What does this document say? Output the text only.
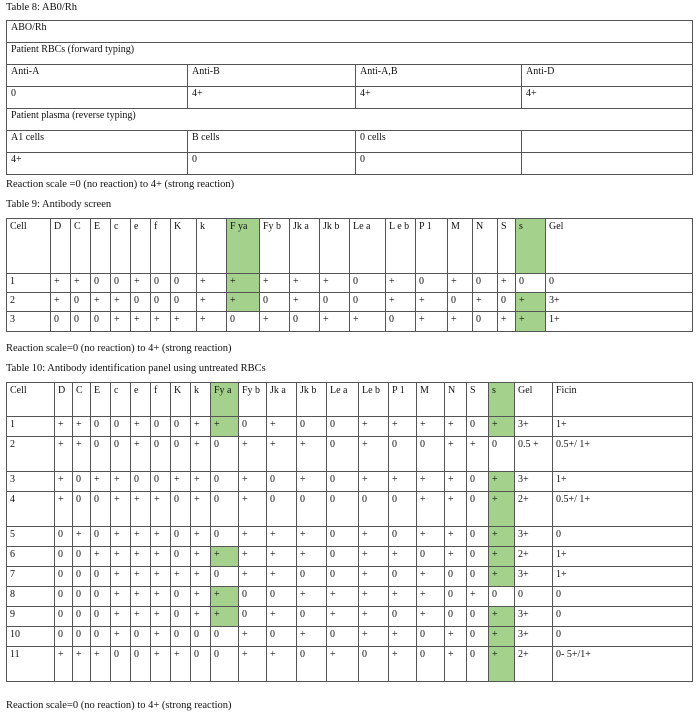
Table 8: AB0/Rh
ABO/Rh			
Patient RBCs (forward typing)			
Anti-A	Anti-B	Anti-A,B	Anti-D
0	4+	4+	4+
Patient plasma (reverse typing)			
A1 cells	B cells	0 cells	
4+	0	0	
Reaction scale =0 (no reaction) to 4+ (strong reaction)
Table 9: Antibody screen
Cell	D	C	E	c	e	f	K	k	F ya	Fy b	Jk a	Jk b	Le a	L e b	P 1	M	N	S	s	Gel
1	+	+	0	0	+	0	0	+	+	+	+	+	0	+	0	+	0	+	0	0
2	+	0	+	+	0	0	0	+	+	0	+	0	0	+	+	0	+	0	+	3+
3	0	0	0	+	+	+	+	+	0	+	0	+	+	0	+	+	0	+	+	1+
Reaction scale=0 (no reaction) to 4+ (strong reaction)
Table 10: Antibody identification panel using untreated RBCs
Cell	D	C	E	c	e	f	K	k	Fy a	Fy b	Jk a	Jk b	Le a	Le b	P 1	M	N	S	s	Gel	Ficin
1	+	+	0	0	+	0	0	+	+	0	+	0	0	+	+	+	+	0	+	3+	1+
2	+	+	0	0	+	0	0	+	0	+	+	+	0	+	0	0	+	+	0	0.5 +	0.5+/ 1+
3	+	0	+	+	0	0	+	+	0	+	0	+	0	+	+	+	+	0	+	3+	1+
4	+	0	0	+	+	+	0	+	0	+	0	0	0	0	0	+	+	0	+	2+	0.5+/ 1+
5	0	+	0	+	+	+	0	+	0	+	+	+	0	+	0	+	+	0	+	3+	0
6	0	0	+	+	+	+	0	+	+	+	+	+	0	+	+	0	+	0	+	2+	1+
7	0	0	0	+	+	+	+	+	0	+	+	0	0	+	0	+	0	0	+	3+	1+
8	0	0	0	+	+	+	0	+	+	0	0	+	+	+	+	+	0	+	0	0	0
9	0	0	0	+	+	+	0	+	+	0	+	0	+	+	0	+	0	0	+	3+	0
10	0	0	0	+	0	+	0	0	0	+	0	+	0	+	+	0	+	0	+	3+	0
11	+	+	+	0	0	+	+	0	0	+	+	0	+	0	+	0	+	0	+	2+	0- 5+/1+
Reaction scale=0 (no reaction) to 4+ (strong reaction)
